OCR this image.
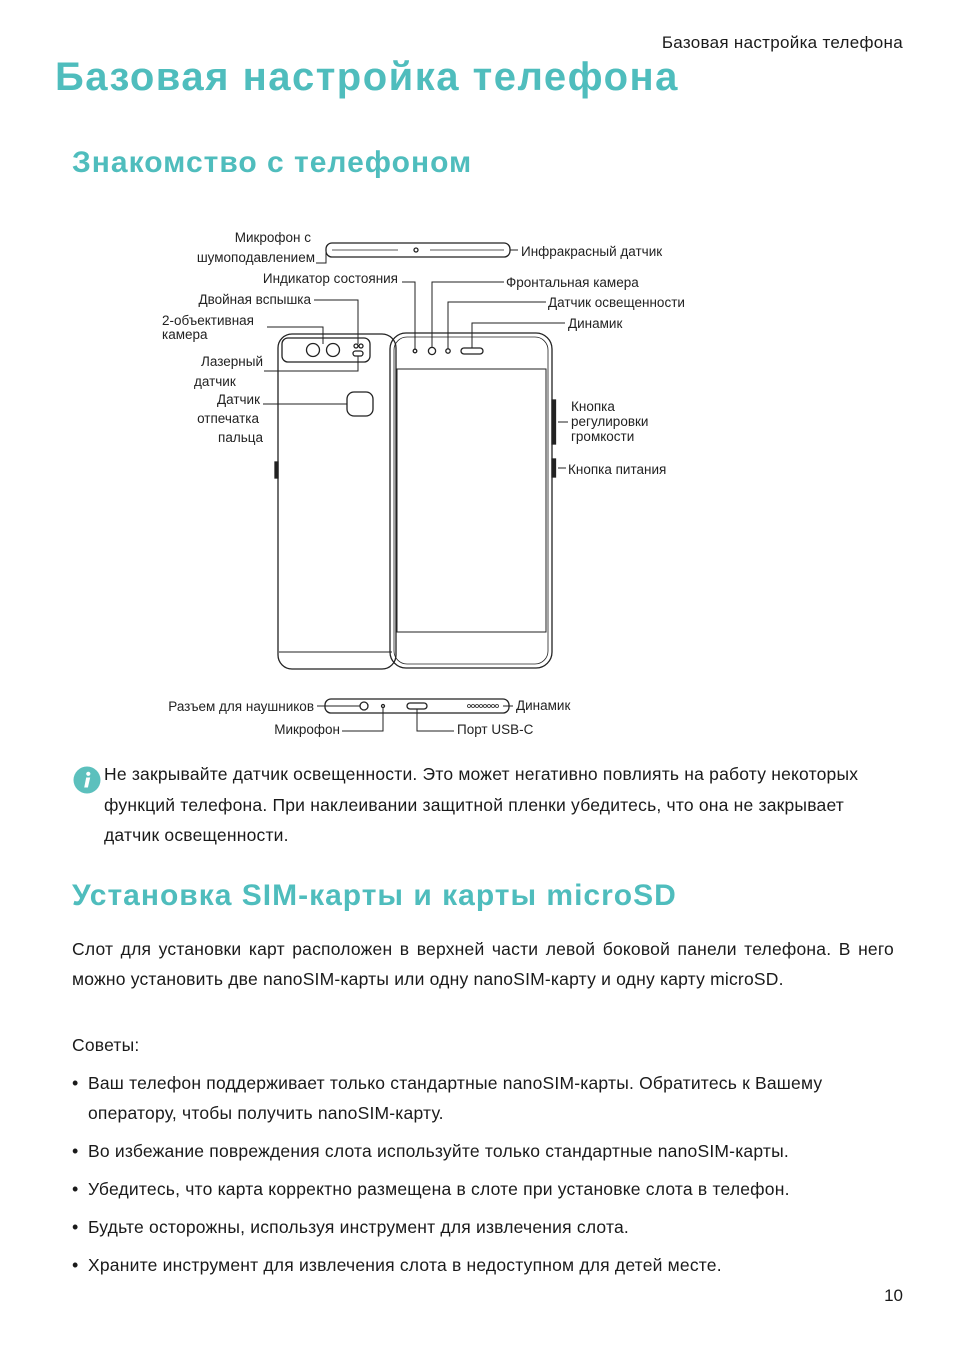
Базовая настройка телефона
Базовая настройка телефона
Знакомство с телефоном
Микрофон с
шумоподавлением
Индикатор состояния
Двойная вспышка
2-объективная
камера
Лазерный
датчик
Датчик
отпечатка
пальца
Инфракрасный датчик
Фронтальная камера
Датчик освещенности
Динамик
Кнопка
регулировки
громкости
Кнопка питания
Разъем для наушников
Микрофон
Динамик
Порт USB-C
Не закрывайте датчик освещенности. Это может негативно повлиять на работу некоторых функций телефона. При наклеивании защитной пленки убедитесь, что она не закрывает датчик освещенности.
Установка SIM-карты и карты microSD
Слот для установки карт расположен в верхней части левой боковой панели телефона. В него можно установить две nanoSIM-карты или одну nanoSIM-карту и одну карту microSD.
Советы:
• Ваш телефон поддерживает только стандартные nanoSIM-карты. Обратитесь к Вашему оператору, чтобы получить nanoSIM-карту.
• Во избежание повреждения слота используйте только стандартные nanoSIM-карты.
• Убедитесь, что карта корректно размещена в слоте при установке слота в телефон.
• Будьте осторожны, используя инструмент для извлечения слота.
• Храните инструмент для извлечения слота в недоступном для детей месте.
10
